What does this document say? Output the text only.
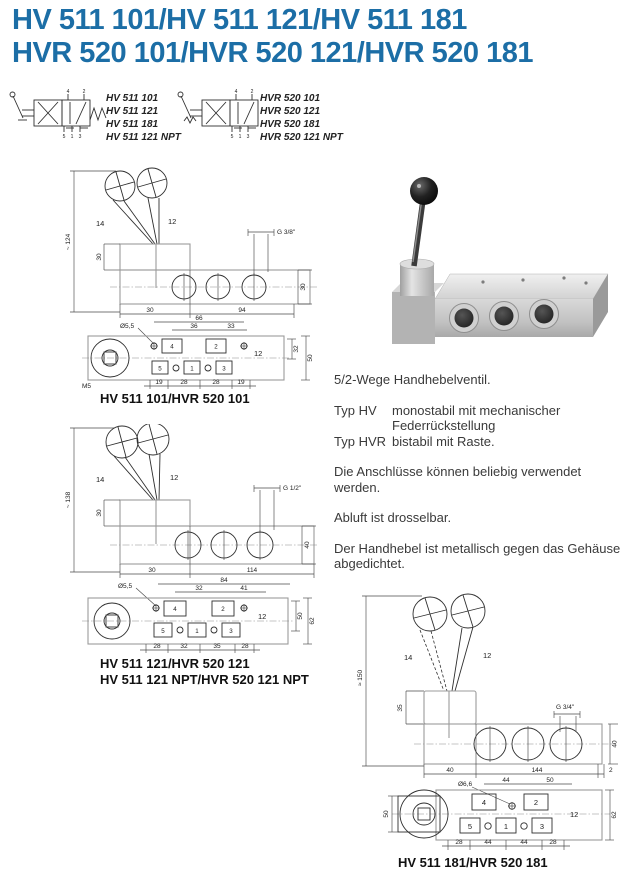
HV 511 101/HV 511 121/HV 511 181
HVR 520 101/HVR 520 121/HVR 520 181
4	2
5 1 3
HV 511 101
HV 511 121
HV 511 181
HV 511 121 NPT
4	2
5 1 3
HVR 520 101
HVR 520 121
HVR 520 181
HVR 520 121 NPT
~ 124
14	12
30
G 3/8"
30
30	94
Ø5,5
66
36	33
4	2
5	1	3
12	32
50
19	28	28	19
M5
HV 511 101/HVR 520 101

5/2-Wege Handhebelventil.

Typ HV	monostabil mit mechanischer
Federrückstellung
Typ HVR bistabil mit Raste.

Die Anschlüsse können beliebig verwendet werden.

Abluft ist drosselbar.

Der Handhebel ist metallisch gegen das Gehäuse abgedichtet.

~ 138
14	12
30
G 1/2"
40
30	114
Ø5,5
84
32	41
4	2
5	1	3
12	50
62
28	32	35	28
HV 511 121/HVR 520 121
HV 511 121 NPT/HVR 520 121 NPT	≈ 150
14	12
35	G 3/4"
40
40	144	2
Ø6,6
44	50
4	2
5	1	3
12
50	62
28	44	44	28
HV 511 181/HVR 520 181
